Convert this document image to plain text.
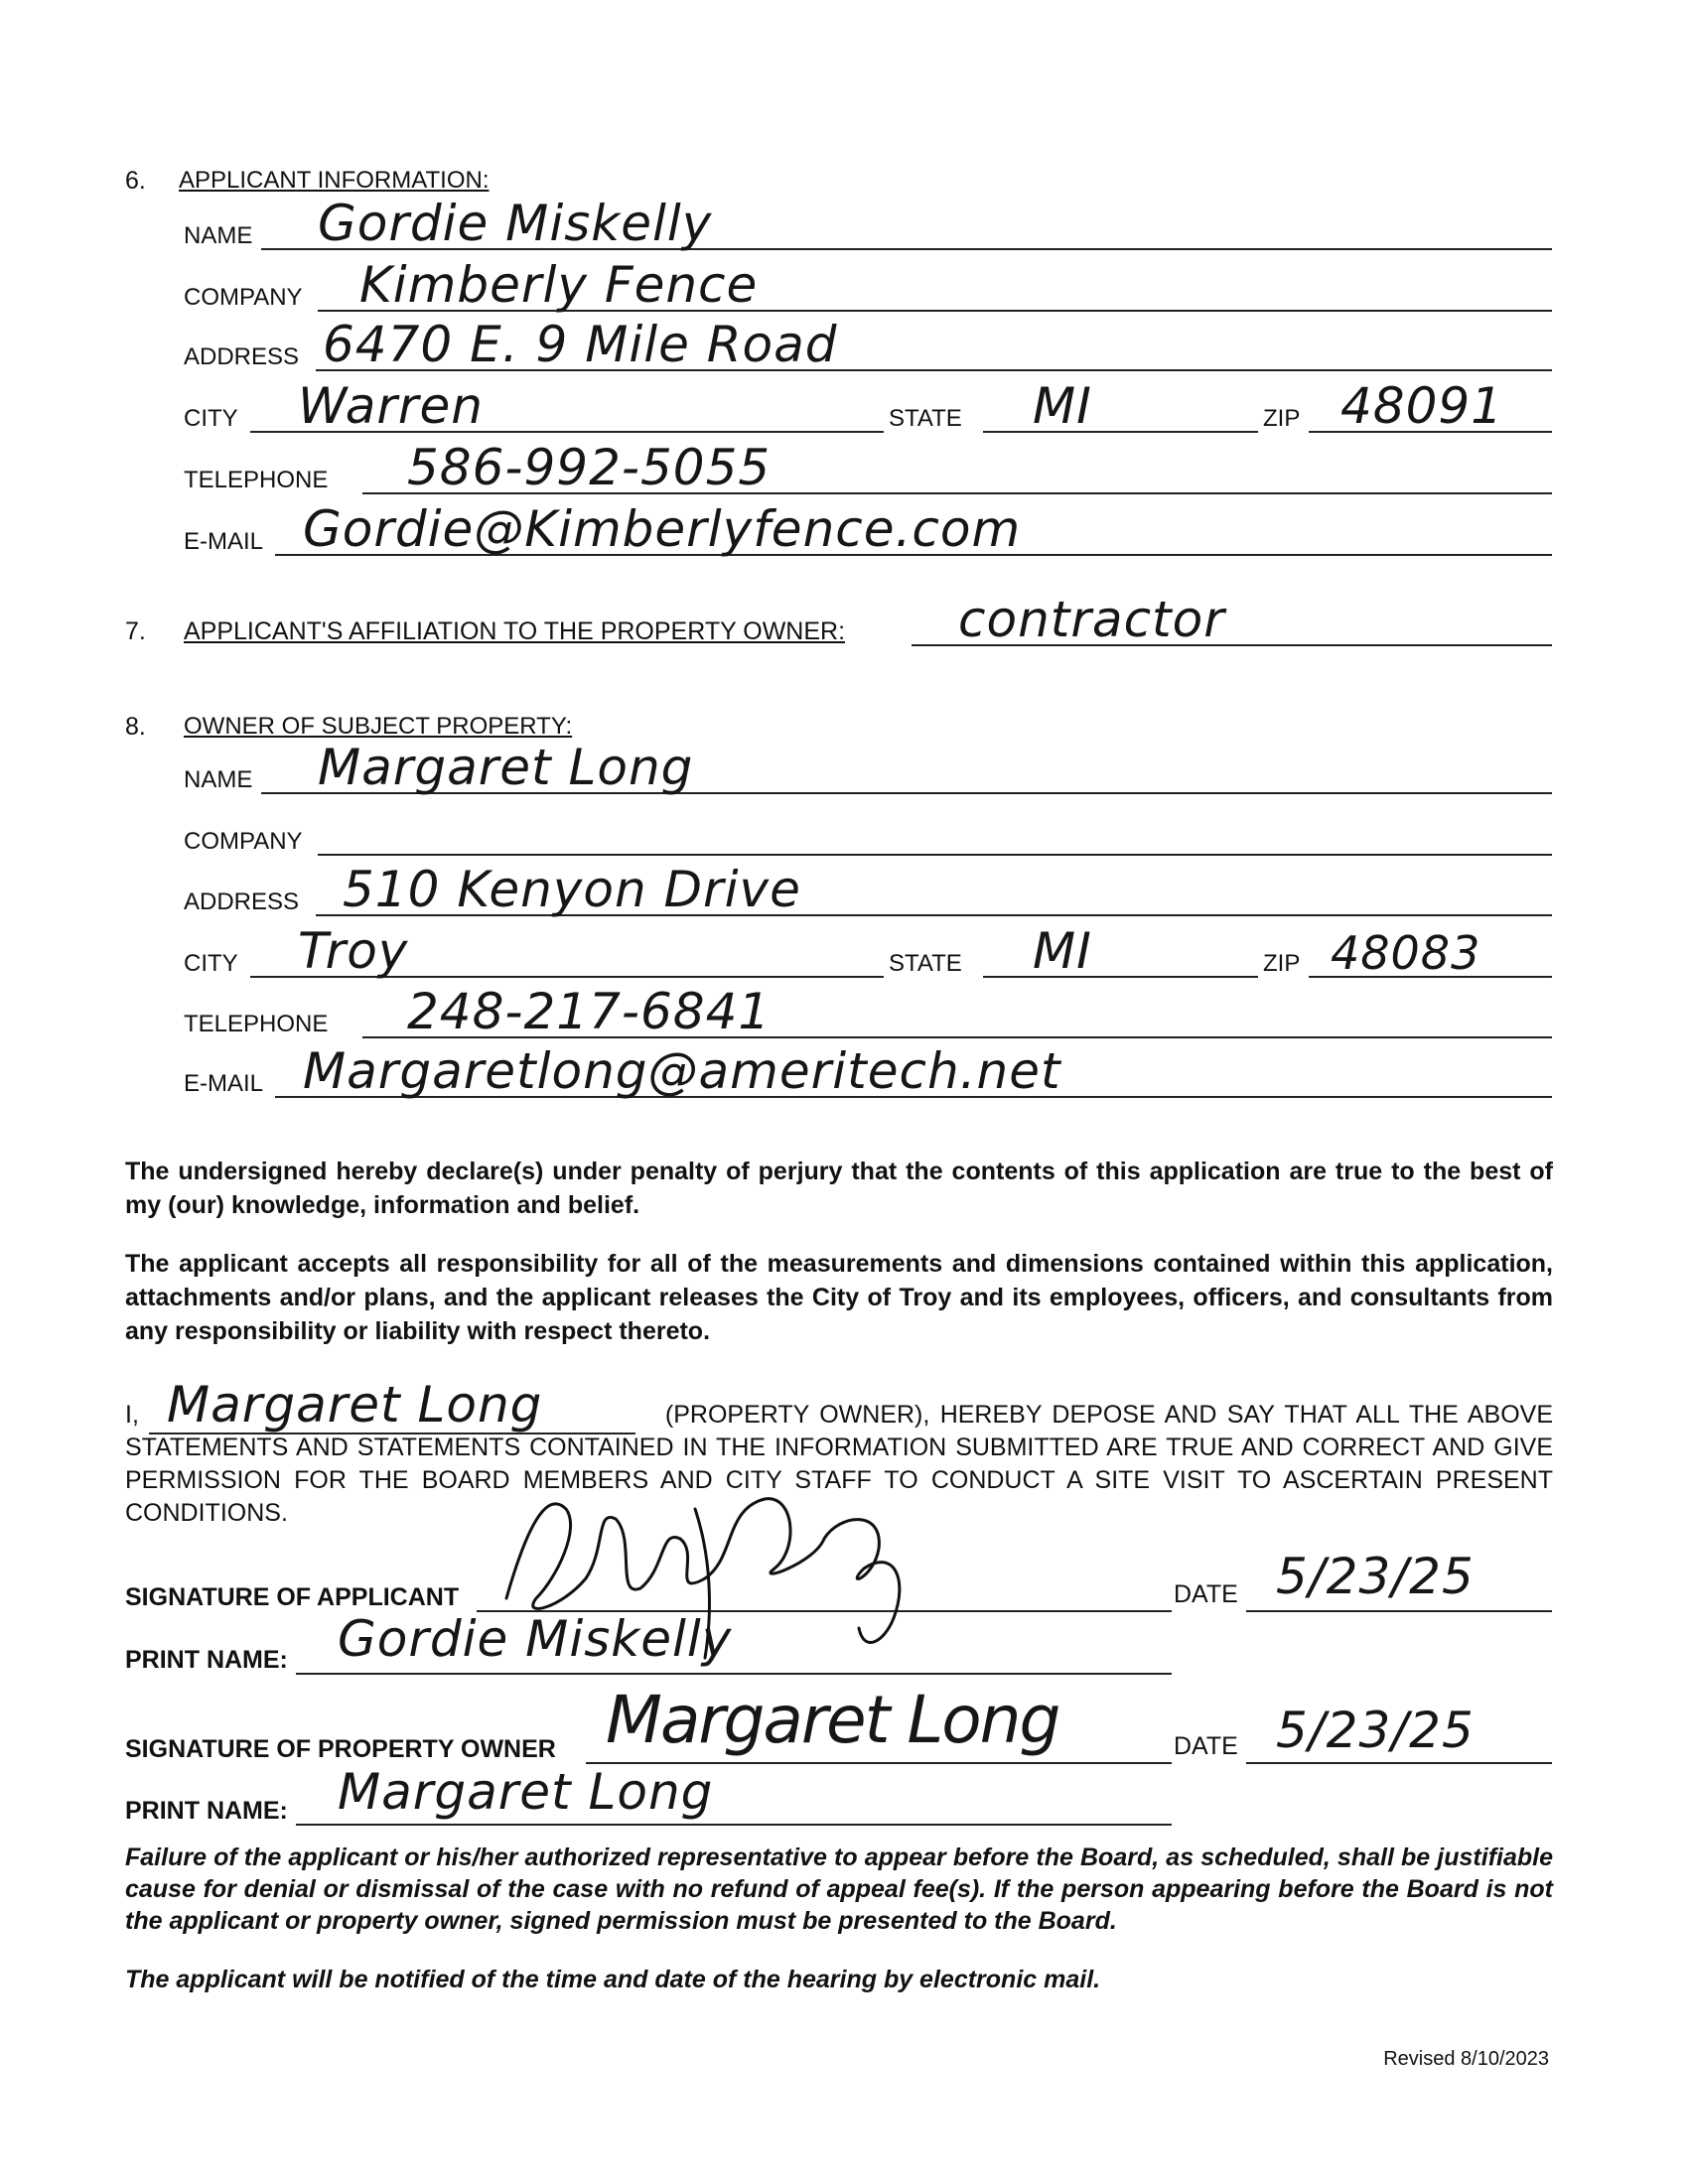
6. APPLICANT INFORMATION:
NAME Gordie Miskelly
COMPANY Kimberly Fence
ADDRESS 6470 E. 9 Mile Road
CITY Warren	STATE MI	ZIP 48091
TELEPHONE 586-992-5055
E-MAIL Gordie@Kimberlyfence.com
7. APPLICANT'S AFFILIATION TO THE PROPERTY OWNER: contractor
8. OWNER OF SUBJECT PROPERTY:
NAME Margaret Long
COMPANY
ADDRESS 510 Kenyon Drive
CITY Troy	STATE MI	ZIP 48083
TELEPHONE 248-217-6841
E-MAIL Margaretlong@ameritech.net
The undersigned hereby declare(s) under penalty of perjury that the contents of this application are true to the best of my (our) knowledge, information and belief.
The applicant accepts all responsibility for all of the measurements and dimensions contained within this application, attachments and/or plans, and the applicant releases the City of Troy and its employees, officers, and consultants from any responsibility or liability with respect thereto.
I,	(PROPERTY OWNER), HEREBY DEPOSE AND SAY THAT ALL THE ABOVE STATEMENTS AND STATEMENTS CONTAINED IN THE INFORMATION SUBMITTED ARE TRUE AND CORRECT AND GIVE PERMISSION FOR THE BOARD MEMBERS AND CITY STAFF TO CONDUCT A SITE VISIT TO ASCERTAIN PRESENT CONDITIONS.
Margaret Long
SIGNATURE OF APPLICANT	DATE 5/23/25
PRINT NAME: Gordie Miskelly
SIGNATURE OF PROPERTY OWNER Margaret Long	DATE 5/23/25
PRINT NAME: Margaret Long
Failure of the applicant or his/her authorized representative to appear before the Board, as scheduled, shall be justifiable cause for denial or dismissal of the case with no refund of appeal fee(s). If the person appearing before the Board is not the applicant or property owner, signed permission must be presented to the Board.
The applicant will be notified of the time and date of the hearing by electronic mail.
Revised 8/10/2023
